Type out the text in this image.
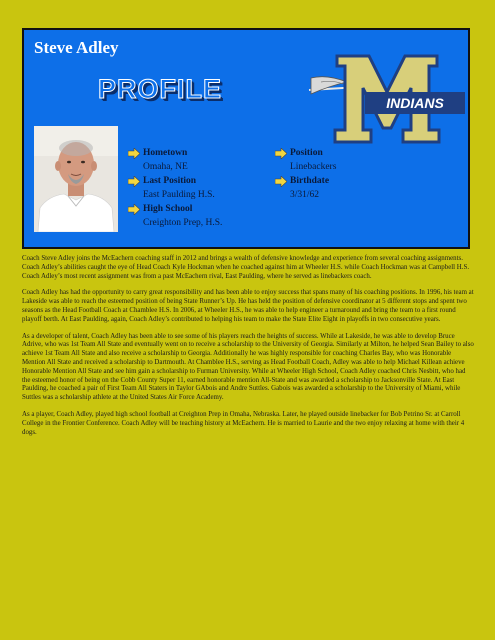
Steve Adley
PROFILE	INDIANS
Hometown
Omaha, NE
Last Position
East Paulding H.S.
High School
Creighton Prep, H.S.
Position
Linebackers
Birthdate
3/31/62

Coach Steve Adley joins the McEachern coaching staff in 2012 and brings a wealth of defensive knowledge and experience from several coaching assignments. Coach Adley’s abilities caught the eye of Head Coach Kyle Hockman when he coached against him at Wheeler H.S. while Coach Hockman was at Campbell H.S. Coach Adley’s most recent assignment was from a past McEachern rival, East Paulding, where he served as linebackers coach.

Coach Adley has had the opportunity to carry great responsibility and has been able to enjoy success that spans many of his coaching positions. In 1996, his team at Lakeside was able to reach the esteemed position of being State Runner’s Up. He has held the position of defensive coordinator at 5 different stops and spent two seasons as the Head Football Coach at Chamblee H.S. In 2006, at Wheeler H.S., he was able to help engineer a turnaround and bring the team to a first round playoff berth. At East Paulding, again, Coach Adley’s contributed to helping his team to make the State Elite Eight in playoffs in two consecutive years.

As a developer of talent, Coach Adley has been able to see some of his players reach the heights of success. While at Lakeside, he was able to develop Bruce Adrive, who was 1st Team All State and eventually went on to receive a scholarship to the University of Georgia. Similarly at Milton, he helped Sean Bailey to also achieve 1st Team All State and also receive a scholarship to Georgia. Additionally he was highly responsible for coaching Charles Bay, who was Honorable Mention All State and received a scholarship to Dartmouth. At Chamblee H.S., serving as Head Football Coach, Adley was able to help Michael Killean achieve Honorable Mention All State and see him gain a scholarship to Furman University. While at Wheeler High School, Coach Adley coached Chris Nesbitt, who had the esteemed honor of being on the Cobb County Super 11, earned honorable mention All-State and was awarded a scholarship to Jacksonville State. At East Paulding, he coached a pair of First Team All Staters in Taylor GAbois and Andre Suttles. Gabois was awarded a scholarship to the University of Miami, while Suttles was a scholarship athlete at the United States Air Force Academy.

As a player, Coach Adley, played high school football at Creighton Prep in Omaha, Nebraska. Later, he played outside linebacker for Bob Petrino Sr. at Carroll College in the Frontier Conference. Coach Adley will be teaching history at McEachern. He is married to Laurie and the two enjoy relaxing at home with their 4 dogs.
